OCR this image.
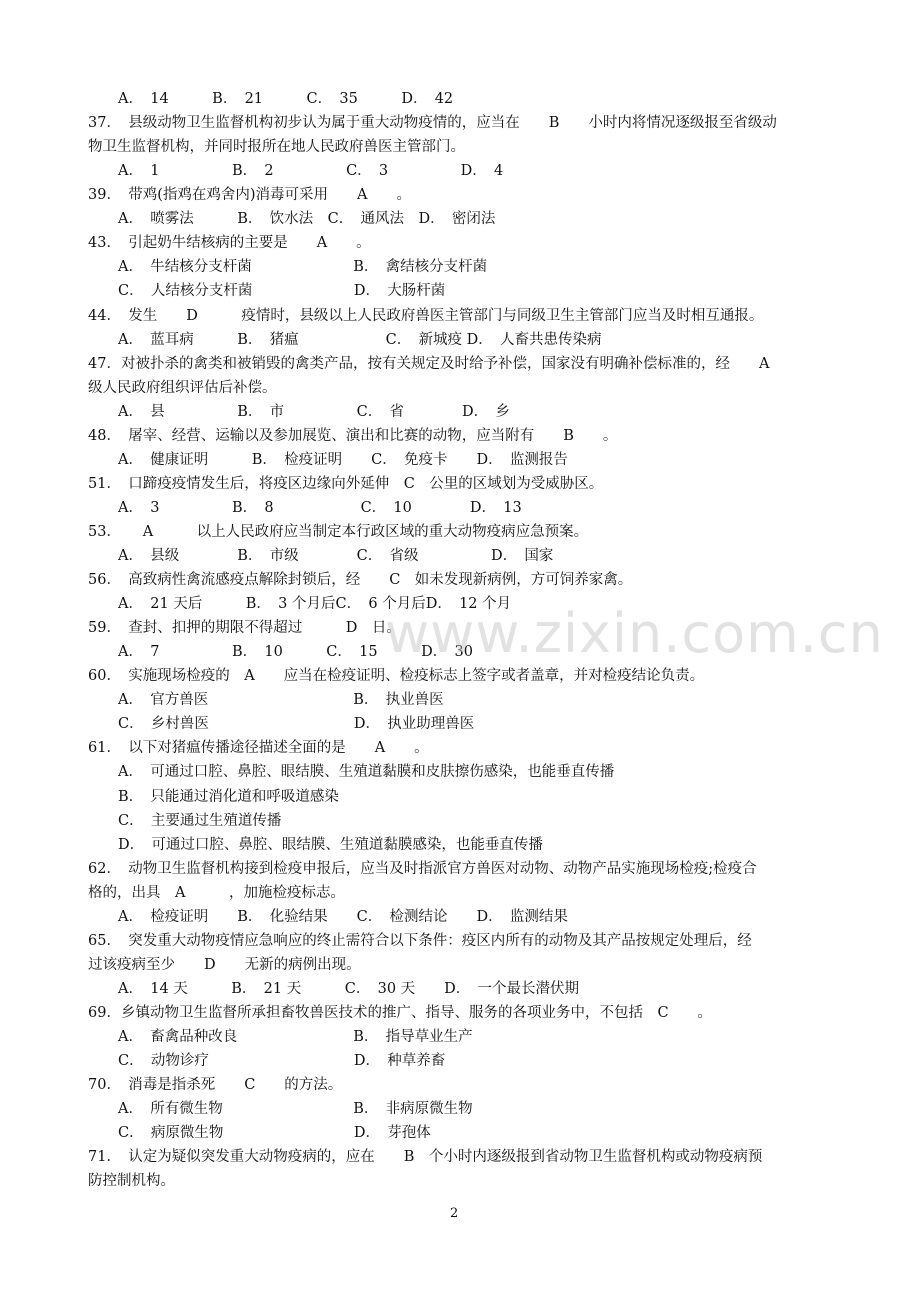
A．　14　　　B．　21　　　C．　35　　　D．　42
37．　县级动物卫生监督机构初步认为属于重大动物疫情的，应当在　　B　　小时内将情况逐级报至省级动
物卫生监督机构，并同时报所在地人民政府兽医主管部门。
A．　1　　　　　B．　2　　　　　C．　3　　　　　D．　4
39．　带鸡(指鸡在鸡舍内)消毒可采用　　A　　。
A．　喷雾法　　　B．　饮水法　C．　通风法　D．　密闭法
43．　引起奶牛结核病的主要是　　A　　。
A．　牛结核分支杆菌　　　　　　　B．　禽结核分支杆菌
C．　人结核分支杆菌　　　　　　　D．　大肠杆菌
44．　发生　　D　　　疫情时，县级以上人民政府兽医主管部门与同级卫生主管部门应当及时相互通报。
A．　蓝耳病　　　B．　猪瘟　　　　　　C．　新城疫 D．　人畜共患传染病
47．对被扑杀的禽类和被销毁的禽类产品，按有关规定及时给予补偿，国家没有明确补偿标准的，经　　A
级人民政府组织评估后补偿。
A．　县　　　　　B．　市　　　　　C．　省　　　　D．　乡
48．　屠宰、经营、运输以及参加展览、演出和比赛的动物，应当附有　　B　　。
A．　健康证明　　　B．　检疫证明　　C．　免疫卡　　D．　监测报告
51．　口蹄疫疫情发生后，将疫区边缘向外延伸　C　公里的区域划为受威胁区。
A．　3　　　　　B．　8　　　　　　C．　10　　　　D．　13
53．　　A　　　以上人民政府应当制定本行政区域的重大动物疫病应急预案。
A．　县级　　　　B．　市级　　　　C．　省级　　　　　D．　国家
56．　高致病性禽流感疫点解除封锁后，经　　C　如未发现新病例，方可饲养家禽。
A．　21 天后　　　B．　3 个月后C．　6 个月后D．　12 个月
59．　查封、扣押的期限不得超过　　　D　日。
A．　7　　　　　B．　10　　　C．　15　　　D．　30
60．　实施现场检疫的　A　　应当在检疫证明、检疫标志上签字或者盖章，并对检疫结论负责。
A．　官方兽医　　　　　　　　　　B．　执业兽医
C．　乡村兽医　　　　　　　　　　D．　执业助理兽医
61．　以下对猪瘟传播途径描述全面的是　　A　　。
A．　可通过口腔、鼻腔、眼结膜、生殖道黏膜和皮肤擦伤感染，也能垂直传播
B．　只能通过消化道和呼吸道感染
C．　主要通过生殖道传播
D．　可通过口腔、鼻腔、眼结膜、生殖道黏膜感染，也能垂直传播
62．　动物卫生监督机构接到检疫申报后，应当及时指派官方兽医对动物、动物产品实施现场检疫;检疫合
格的，出具　A　　　，加施检疫标志。
A．　检疫证明　　B．　化验结果　　C．　检测结论　　D．　监测结果
65．　突发重大动物疫情应急响应的终止需符合以下条件：疫区内所有的动物及其产品按规定处理后，经
过该疫病至少　　D　　无新的病例出现。
A．　14 天　　　B．　21 天　　　C．　30 天　　D．　一个最长潜伏期
69．乡镇动物卫生监督所承担畜牧兽医技术的推广、指导、服务的各项业务中，不包括　C　　。
A．　畜禽品种改良　　　　　　　　B．　指导草业生产
C．　动物诊疗　　　　　　　　　　D．　种草养畜
70．　消毒是指杀死　　C　　的方法。
A．　所有微生物　　　　　　　　　B．　非病原微生物
C．　病原微生物　　　　　　　　　D．　芽孢体
71．　认定为疑似突发重大动物疫病的，应在　　B　个小时内逐级报到省动物卫生监督机构或动物疫病预
防控制机构。
www.zixin.com.cn
2
